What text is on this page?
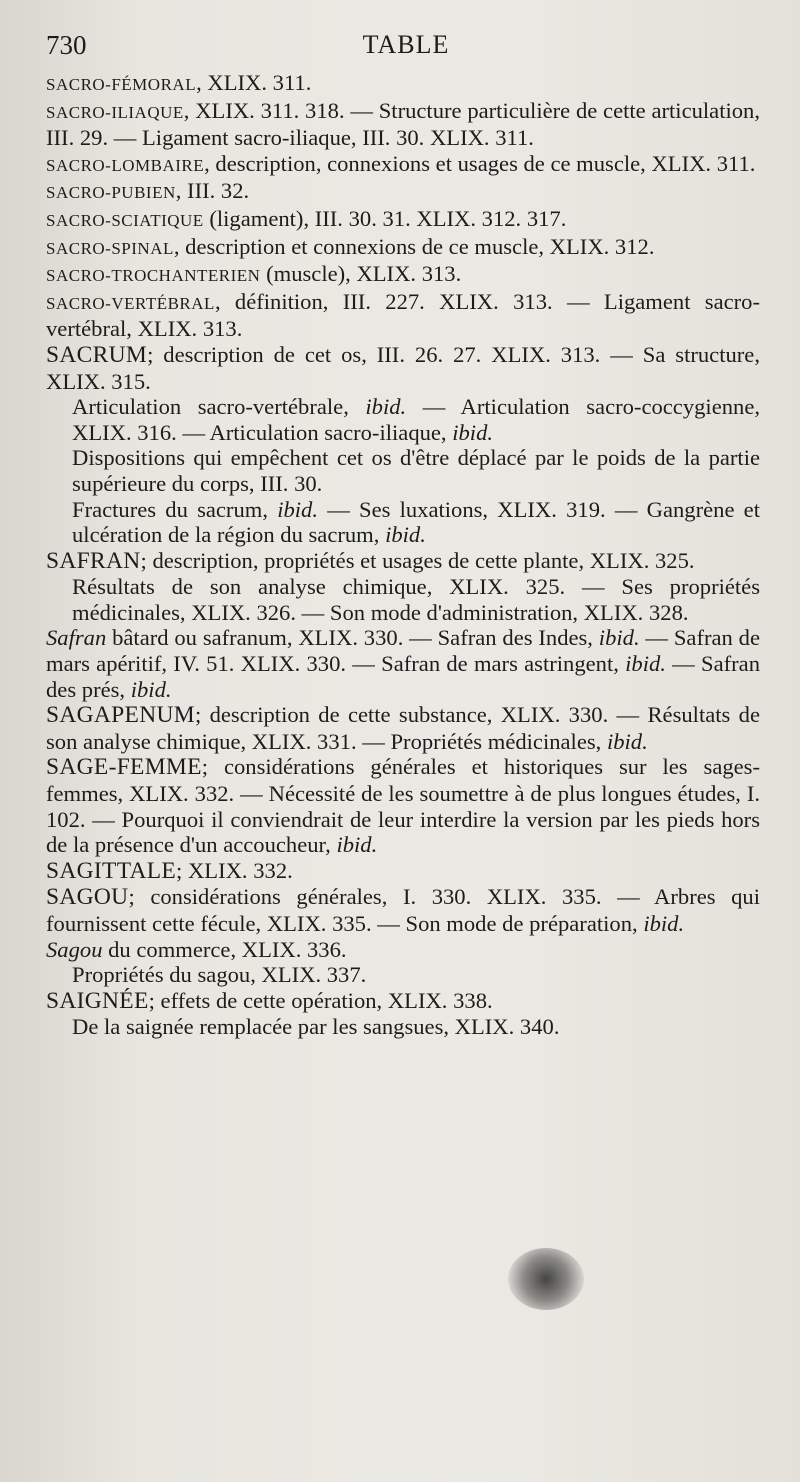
730	TABLE
SACRO-FÉMORAL, XLIX. 311.
SACRO-ILIAQUE, XLIX. 311. 318. — Structure particulière de cette articulation, III. 29. — Ligament sacro-iliaque, III. 30. XLIX. 311.
SACRO-LOMBAIRE, description, connexions et usages de ce muscle, XLIX. 311.
SACRO-PUBIEN, III. 32.
SACRO-SCIATIQUE (ligament), III. 30. 31. XLIX. 312. 317.
SACRO-SPINAL, description et connexions de ce muscle, XLIX. 312.
SACRO-TROCHANTERIEN (muscle), XLIX. 313.
SACRO-VERTÉBRAL, définition, III. 227. XLIX. 313. — Ligament sacro-vertébral, XLIX. 313.
SACRUM; description de cet os, III. 26. 27. XLIX. 313. — Sa structure, XLIX. 315.
Articulation sacro-vertébrale, ibid. — Articulation sacro-coccygienne, XLIX. 316. — Articulation sacro-iliaque, ibid.
Dispositions qui empêchent cet os d'être déplacé par le poids de la partie supérieure du corps, III. 30.
Fractures du sacrum, ibid. — Ses luxations, XLIX. 319. — Gangrène et ulcération de la région du sacrum, ibid.
SAFRAN; description, propriétés et usages de cette plante, XLIX. 325.
Résultats de son analyse chimique, XLIX. 325. — Ses propriétés médicinales, XLIX. 326. — Son mode d'administration, XLIX. 328.
Safran bâtard ou safranum, XLIX. 330. — Safran des Indes, ibid. — Safran de mars apéritif, IV. 51. XLIX. 330. — Safran de mars astringent, ibid. — Safran des prés, ibid.
SAGAPENUM; description de cette substance, XLIX. 330. — Résultats de son analyse chimique, XLIX. 331. — Propriétés médicinales, ibid.
SAGE-FEMME; considérations générales et historiques sur les sages-femmes, XLIX. 332. — Nécessité de les soumettre à de plus longues études, I. 102. — Pourquoi il conviendrait de leur interdire la version par les pieds hors de la présence d'un accoucheur, ibid.
SAGITTALE; XLIX. 332.
SAGOU; considérations générales, I. 330. XLIX. 335. — Arbres qui fournissent cette fécule, XLIX. 335. — Son mode de préparation, ibid.
Sagou du commerce, XLIX. 336.
Propriétés du sagou, XLIX. 337.
SAIGNÉE; effets de cette opération, XLIX. 338.
De la saignée remplacée par les sangsues, XLIX. 340.
